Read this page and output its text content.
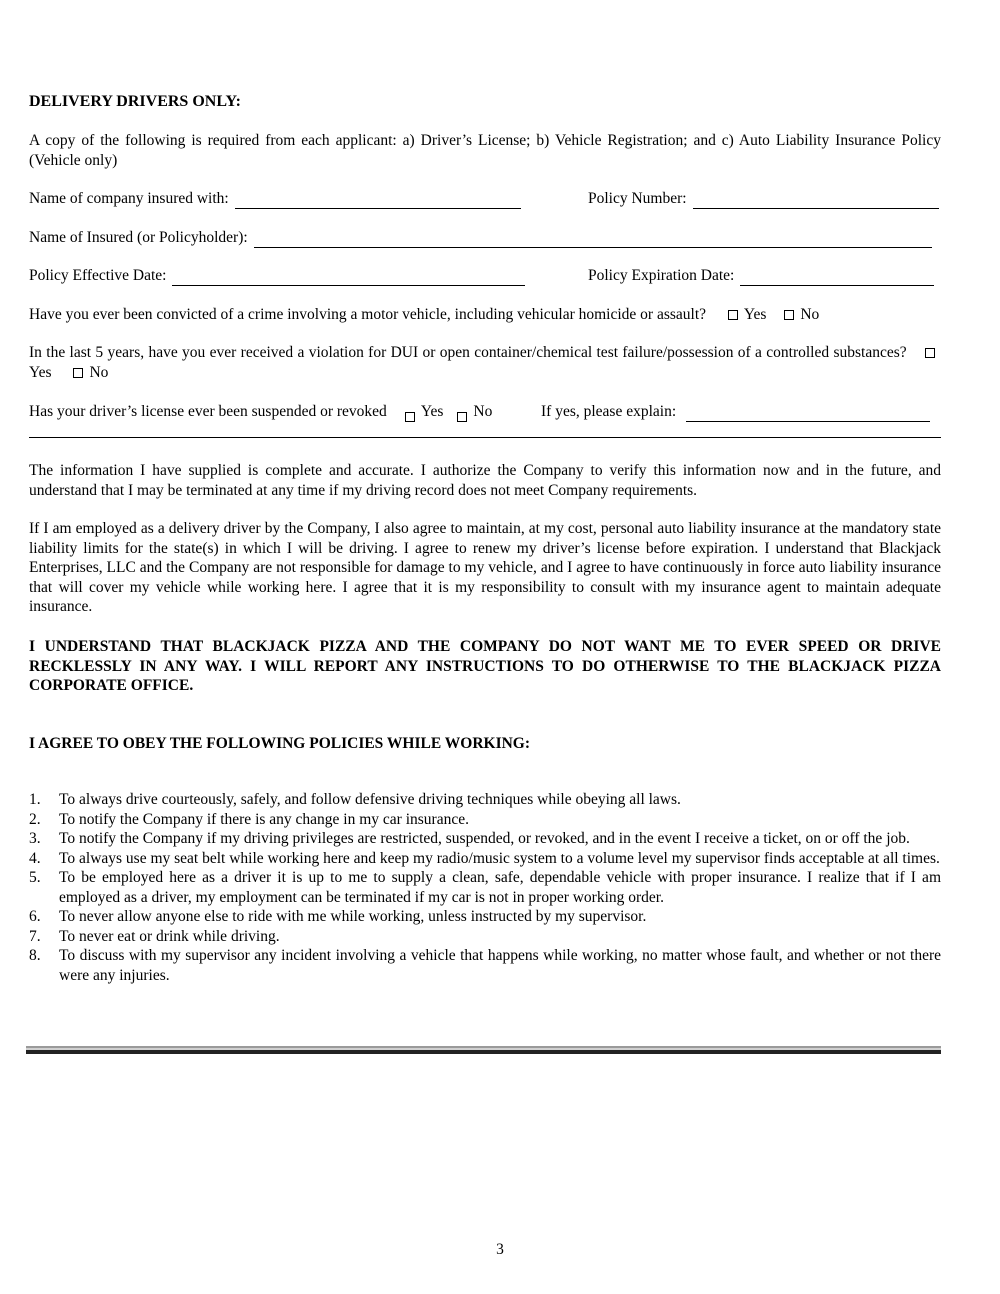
DELIVERY DRIVERS ONLY:

A copy of the following is required from each applicant: a) Driver’s License; b) Vehicle Registration; and c) Auto Liability Insurance Policy (Vehicle only)

Name of company insured with:	Policy Number:
Name of Insured (or Policyholder):
Policy Effective Date:	Policy Expiration Date:
Have you ever been convicted of a crime involving a motor vehicle, including vehicular homicide or assault? Yes No

In the last 5 years, have you ever received a violation for DUI or open container/chemical test failure/possession of a controlled substances? Yes No

Has your driver’s license ever been suspended or revoked Yes No	If yes, please explain:

The information I have supplied is complete and accurate. I authorize the Company to verify this information now and in the future, and understand that I may be terminated at any time if my driving record does not meet Company requirements.

If I am employed as a delivery driver by the Company, I also agree to maintain, at my cost, personal auto liability insurance at the mandatory state liability limits for the state(s) in which I will be driving. I agree to renew my driver’s license before expiration. I understand that Blackjack Enterprises, LLC and the Company are not responsible for damage to my vehicle, and I agree to have continuously in force auto liability insurance that will cover my vehicle while working here. I agree that it is my responsibility to consult with my insurance agent to maintain adequate insurance.

I UNDERSTAND THAT BLACKJACK PIZZA AND THE COMPANY DO NOT WANT ME TO EVER SPEED OR DRIVE RECKLESSLY IN ANY WAY. I WILL REPORT ANY INSTRUCTIONS TO DO OTHERWISE TO THE BLACKJACK PIZZA CORPORATE OFFICE.

I AGREE TO OBEY THE FOLLOWING POLICIES WHILE WORKING:

1. To always drive courteously, safely, and follow defensive driving techniques while obeying all laws.
2. To notify the Company if there is any change in my car insurance.
3. To notify the Company if my driving privileges are restricted, suspended, or revoked, and in the event I receive a ticket, on or off the job.
4. To always use my seat belt while working here and keep my radio/music system to a volume level my supervisor finds acceptable at all times.
5. To be employed here as a driver it is up to me to supply a clean, safe, dependable vehicle with proper insurance. I realize that if I am employed as a driver, my employment can be terminated if my car is not in proper working order.
6. To never allow anyone else to ride with me while working, unless instructed by my supervisor.
7. To never eat or drink while driving.
8. To discuss with my supervisor any incident involving a vehicle that happens while working, no matter whose fault, and whether or not there were any injuries.
3
